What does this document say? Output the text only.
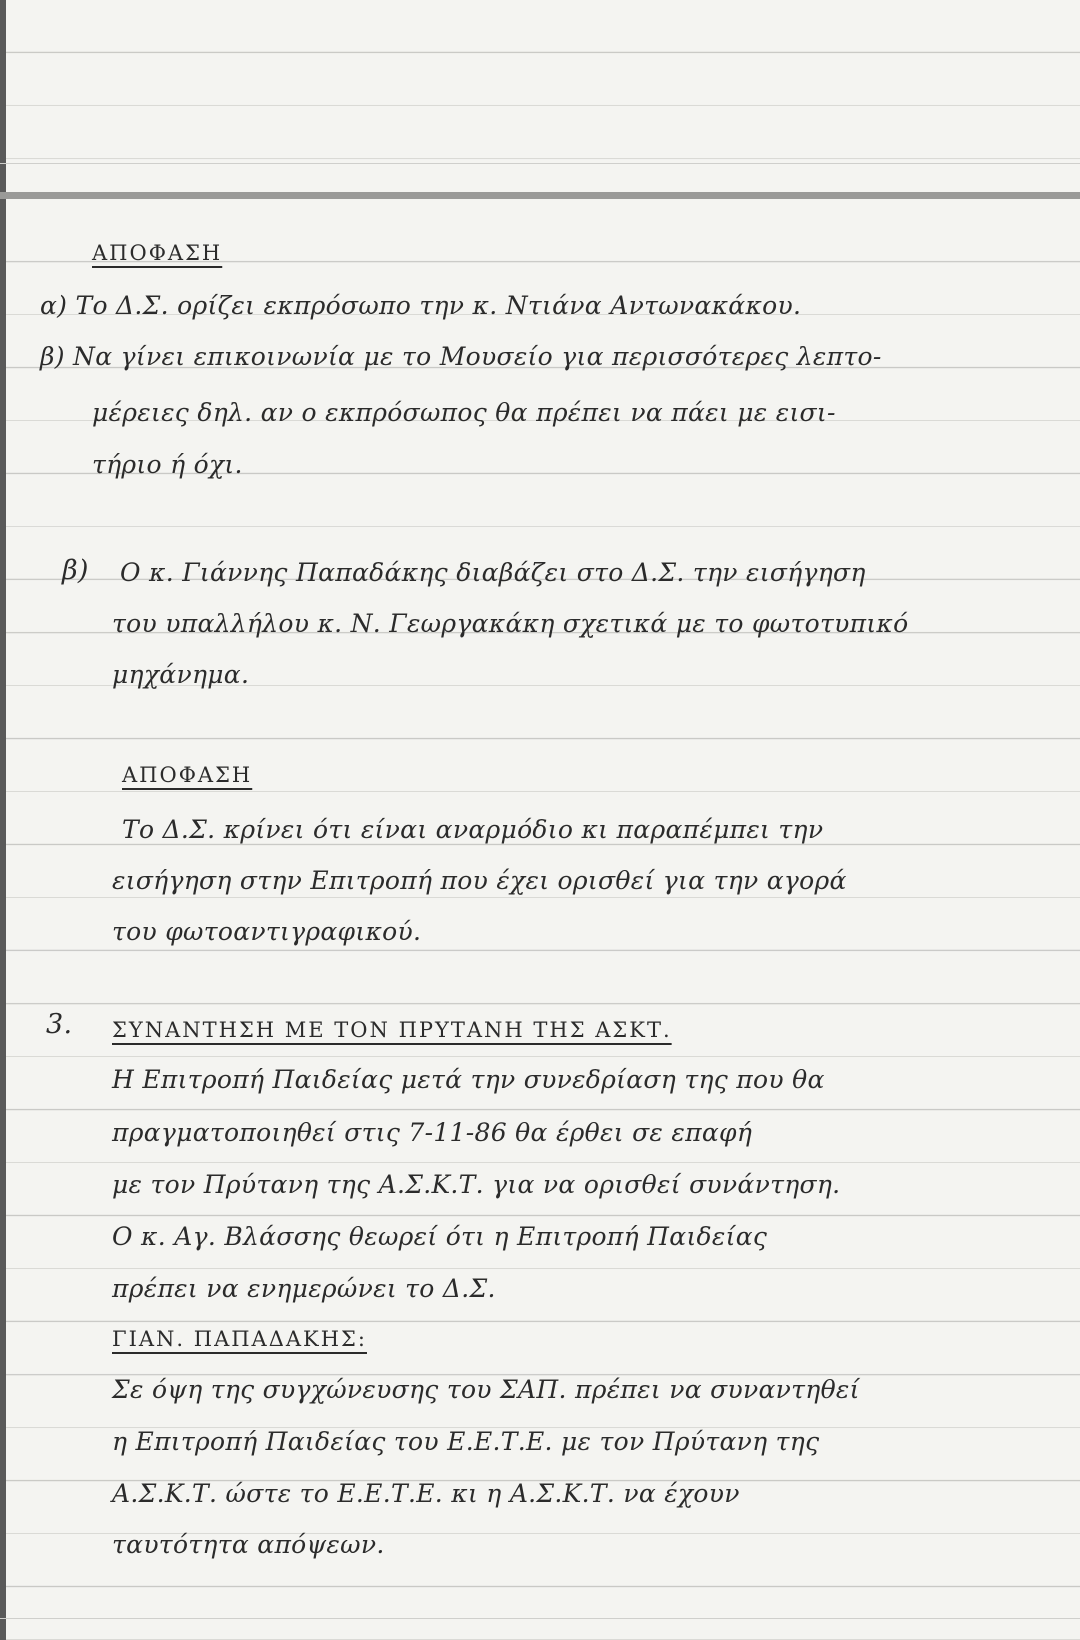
ΑΠΟΦΑΣΗ
α) Το Δ.Σ. ορίζει εκπρόσωπο την κ. Ντιάνα Αντωνακάκου.
β) Να γίνει επικοινωνία με το Μουσείο για περισσότερες λεπτο-
μέρειες δηλ. αν ο εκπρόσωπος θα πρέπει να πάει με εισι-
τήριο ή όχι.
β) Ο κ. Γιάννης Παπαδάκης διαβάζει στο Δ.Σ. την εισήγηση
του υπαλλήλου κ. Ν. Γεωργακάκη σχετικά με το φωτοτυπικό
μηχάνημα.
ΑΠΟΦΑΣΗ
Το Δ.Σ. κρίνει ότι είναι αναρμόδιο κι παραπέμπει την
εισήγηση στην Επιτροπή που έχει ορισθεί για την αγορά
του φωτοαντιγραφικού.
3. ΣΥΝΑΝΤΗΣΗ ΜΕ ΤΟΝ ΠΡΥΤΑΝΗ ΤΗΣ ΑΣΚΤ.
Η Επιτροπή Παιδείας μετά την συνεδρίαση της που θα
πραγματοποιηθεί στις 7-11-86 θα έρθει σε επαφή
με τον Πρύτανη της Α.Σ.Κ.Τ. για να ορισθεί συνάντηση.
Ο κ. Αγ. Βλάσσης θεωρεί ότι η Επιτροπή Παιδείας
πρέπει να ενημερώνει το Δ.Σ.
ΓΙΑΝ. ΠΑΠΑΔΑΚΗΣ:
Σε όψη της συγχώνευσης του ΣΑΠ. πρέπει να συναντηθεί
η Επιτροπή Παιδείας του Ε.Ε.Τ.Ε. με τον Πρύτανη της
Α.Σ.Κ.Τ. ώστε το Ε.Ε.Τ.Ε. κι η Α.Σ.Κ.Τ. να έχουν
ταυτότητα απόψεων.
